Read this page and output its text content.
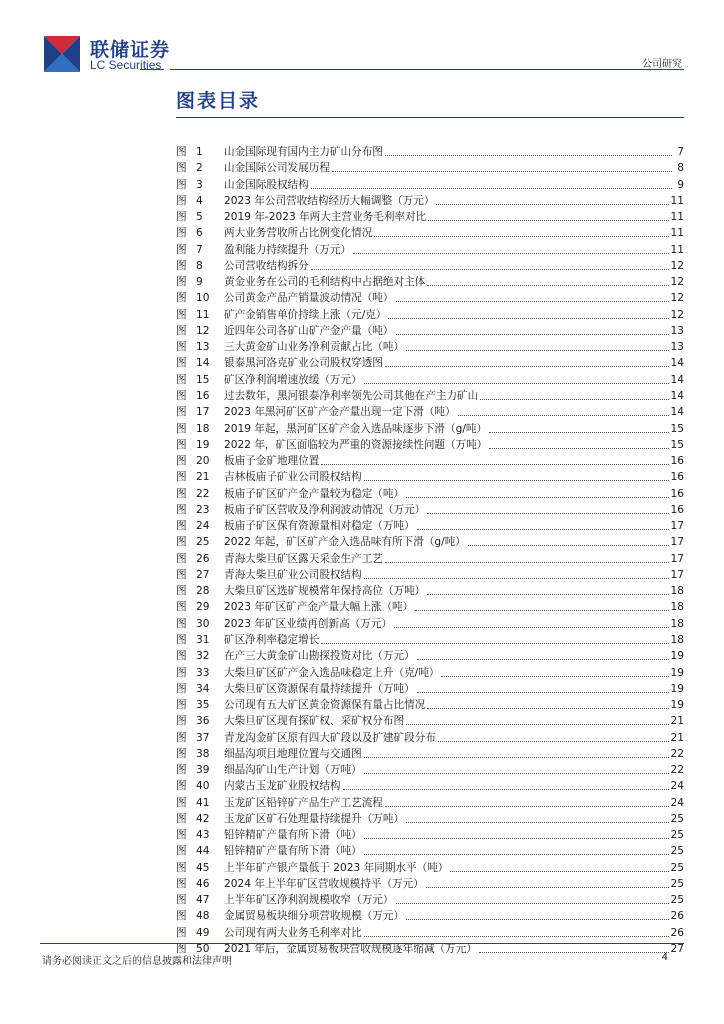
联储证券
LC Securities	公司研究
图表目录
图 1	山金国际现有国内主力矿山分布图	7
图 2	山金国际公司发展历程	8
图 3	山金国际股权结构	9
图 4	2023 年公司营收结构经历大幅调整（万元）	11
图 5	2019 年-2023 年两大主营业务毛利率对比	11
图 6	两大业务营收所占比例变化情况	11
图 7	盈利能力持续提升（万元）	11
图 8	公司营收结构拆分	12
图 9	黄金业务在公司的毛利结构中占据绝对主体	12
图 10	公司黄金产品产销量波动情况（吨）	12
图 11	矿产金销售单价持续上涨（元/克）	12
图 12	近四年公司各矿山矿产金产量（吨）	13
图 13	三大黄金矿山业务净利贡献占比（吨）	13
图 14	银泰黑河洛克矿业公司股权穿透图	14
图 15	矿区净利润增速放缓（万元）	14
图 16	过去数年，黑河银泰净利率领先公司其他在产主力矿山	14
图 17	2023 年黑河矿区矿产金产量出现一定下滑（吨）	14
图 18	2019 年起，黑河矿区矿产金入选品味逐步下滑（g/吨）	15
图 19	2022 年，矿区面临较为严重的资源接续性问题（万吨）	15
图 20	板庙子金矿地理位置	16
图 21	吉林板庙子矿业公司股权结构	16
图 22	板庙子矿区矿产金产量较为稳定（吨）	16
图 23	板庙子矿区营收及净利润波动情况（万元）	16
图 24	板庙子矿区保有资源量相对稳定（万吨）	17
图 25	2022 年起，矿区矿产金入选品味有所下滑（g/吨）	17
图 26	青海大柴旦矿区露天采金生产工艺	17
图 27	青海大柴旦矿业公司股权结构	17
图 28	大柴旦矿区选矿规模常年保持高位（万吨）	18
图 29	2023 年矿区矿产金产量大幅上涨（吨）	18
图 30	2023 年矿区业绩再创新高（万元）	18
图 31	矿区净利率稳定增长	18
图 32	在产三大黄金矿山勘探投资对比（万元）	19
图 33	大柴旦矿区矿产金入选品味稳定上升（克/吨）	19
图 34	大柴旦矿区资源保有量持续提升（万吨）	19
图 35	公司现有五大矿区黄金资源保有量占比情况	19
图 36	大柴旦矿区现有探矿权、采矿权分布图	21
图 37	青龙沟金矿区原有四大矿段以及扩建矿段分布	21
图 38	细晶沟项目地理位置与交通图	22
图 39	细晶沟矿山生产计划（万吨）	22
图 40	内蒙古玉龙矿业股权结构	24
图 41	玉龙矿区铅锌矿产品生产工艺流程	24
图 42	玉龙矿区矿石处理量持续提升（万吨）	25
图 43	铅锌精矿产量有所下滑（吨）	25
图 44	铅锌精矿产量有所下滑（吨）	25
图 45	上半年矿产银产量低于 2023 年同期水平（吨）	25
图 46	2024 年上半年矿区营收规模持平（万元）	25
图 47	上半年矿区净利润规模收窄（万元）	25
图 48	金属贸易板块细分项营收规模（万元）	26
图 49	公司现有两大业务毛利率对比	26
图 50	2021 年后，金属贸易板块营收规模逐年缩减（万元）	27
请务必阅读正文之后的信息披露和法律声明	4
